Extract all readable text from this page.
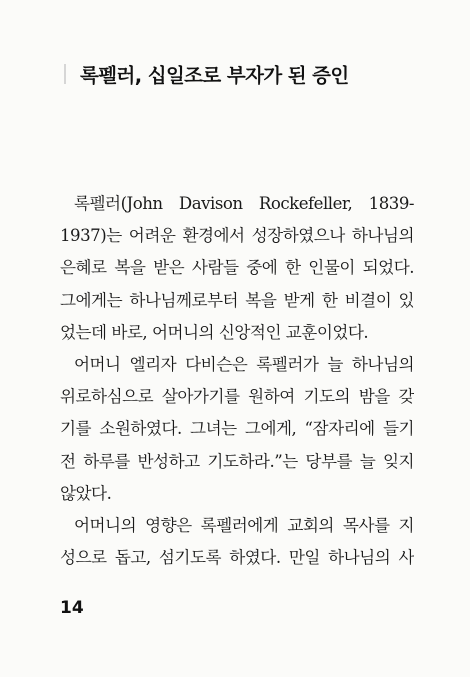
록펠러, 십일조로 부자가 된 증인
록펠러(John Davison Rockefeller, 1839-
1937)는 어려운 환경에서 성장하였으나 하나님의
은혜로 복을 받은 사람들 중에 한 인물이 되었다.
그에게는 하나님께로부터 복을 받게 한 비결이 있
었는데 바로, 어머니의 신앙적인 교훈이었다.
어머니 엘리자 다비슨은 록펠러가 늘 하나님의
위로하심으로 살아가기를 원하여 기도의 밤을 갖
기를 소원하였다. 그녀는 그에게, “잠자리에 들기
전 하루를 반성하고 기도하라.”는 당부를 늘 잊지
않았다.
어머니의 영향은 록펠러에게 교회의 목사를 지
성으로 돕고, 섬기도록 하였다. 만일 하나님의 사
14
